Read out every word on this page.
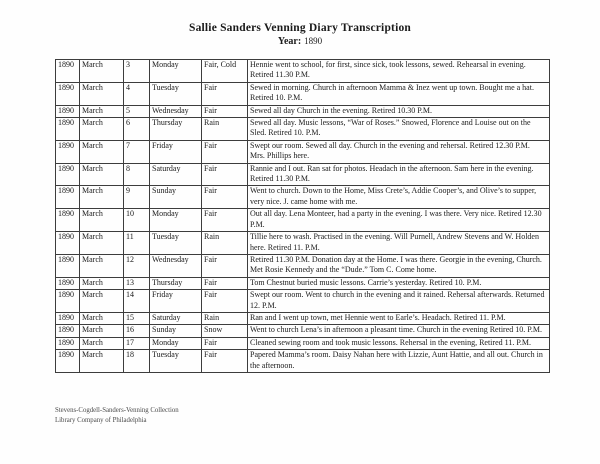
Sallie Sanders Venning Diary Transcription
Year: 1890
1890	March	3	Monday	Fair, Cold	Hennie went to school, for first, since sick, took lessons, sewed. Rehearsal in evening. Retired 11.30 P.M.
1890	March	4	Tuesday	Fair	Sewed in morning. Church in afternoon Mamma & Inez went up town. Bought me a hat. Retired 10. P.M.
1890	March	5	Wednesday	Fair	Sewed all day Church in the evening. Retired 10.30 P.M.
1890	March	6	Thursday	Rain	Sewed all day. Music lessons, “War of Roses.” Snowed, Florence and Louise out on the Sled. Retired 10. P.M.
1890	March	7	Friday	Fair	Swept our room. Sewed all day. Church in the evening and rehersal. Retired 12.30 P.M. Mrs. Phillips here.
1890	March	8	Saturday	Fair	Rannie and I out. Ran sat for photos. Headach in the afternoon. Sam here in the evening. Retired 11.30 P.M.
1890	March	9	Sunday	Fair	Went to church. Down to the Home, Miss Crete’s, Addie Cooper’s, and Olive’s to supper, very nice. J. came home with me.
1890	March	10	Monday	Fair	Out all day. Lena Monteer, had a party in the evening. I was there. Very nice. Retired 12.30 P.M.
1890	March	11	Tuesday	Rain	Tillie here to wash. Practised in the evening. Will Purnell, Andrew Stevens and W. Holden here. Retired 11. P.M.
1890	March	12	Wednesday	Fair	Retired 11.30 P.M. Donation day at the Home. I was there. Georgie in the evening, Church. Met Rosie Kennedy and the “Dude.” Tom C. Come home.
1890	March	13	Thursday	Fair	Tom Chestnut buried music lessons. Carrie’s yesterday. Retired 10. P.M.
1890	March	14	Friday	Fair	Swept our room. Went to church in the evening and it rained. Rehersal afterwards. Returned 12. P.M.
1890	March	15	Saturday	Rain	Ran and I went up town, met Hennie went to Earle’s. Headach. Retired 11. P.M.
1890	March	16	Sunday	Snow	Went to church Lena’s in afternoon a pleasant time. Church in the evening Retired 10. P.M.
1890	March	17	Monday	Fair	Cleaned sewing room and took music lessons. Rehersal in the evening, Retired 11. P.M.
1890	March	18	Tuesday	Fair	Papered Mamma’s room. Daisy Nahan here with Lizzie, Aunt Hattie, and all out. Church in the afternoon.
Stevens-Cogdell-Sanders-Venning Collection
Library Company of Philadelphia
